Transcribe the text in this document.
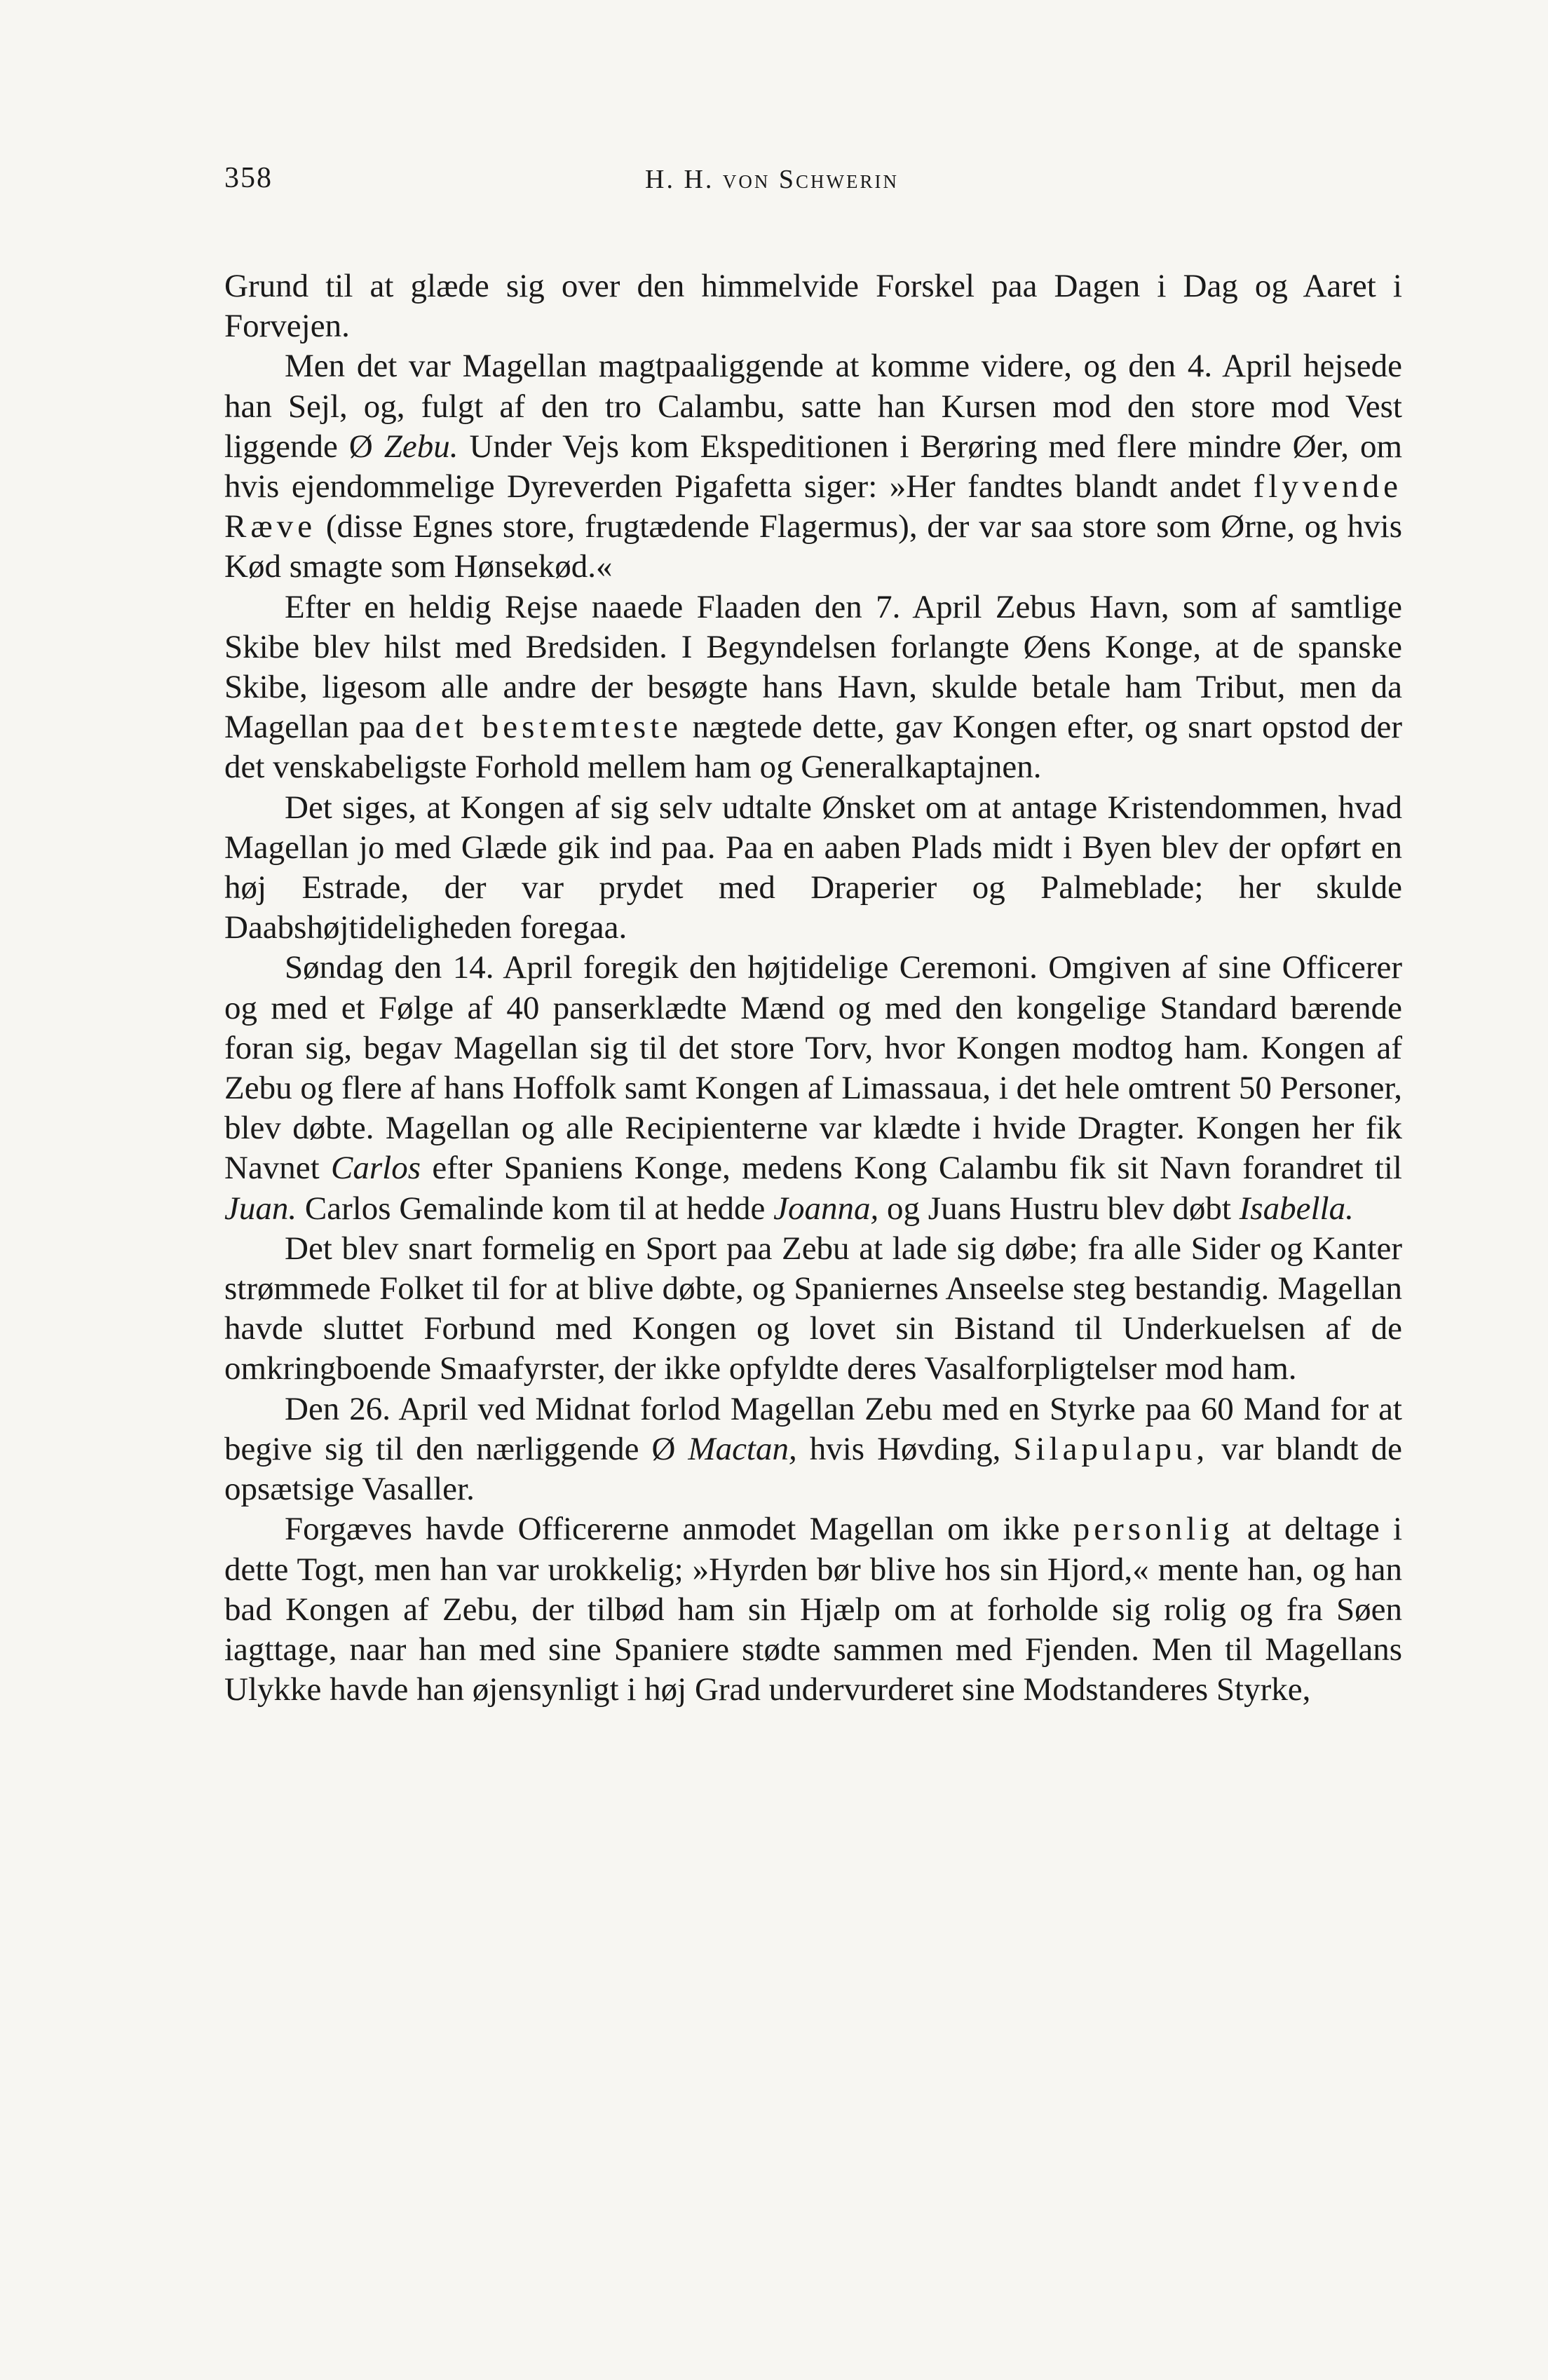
358	H. H. von Schwerin

Grund til at glæde sig over den himmelvide Forskel paa Dagen i Dag og Aaret i Forvejen.

Men det var Magellan magtpaaliggende at komme videre, og den 4. April hejsede han Sejl, og, fulgt af den tro Calambu, satte han Kursen mod den store mod Vest liggende Ø Zebu. Under Vejs kom Ekspeditionen i Berøring med flere mindre Øer, om hvis ejendommelige Dyreverden Pigafetta siger: »Her fandtes blandt andet flyvende Ræve (disse Egnes store, frugtædende Flagermus), der var saa store som Ørne, og hvis Kød smagte som Hønsekød.«

Efter en heldig Rejse naaede Flaaden den 7. April Zebus Havn, som af samtlige Skibe blev hilst med Bredsiden. I Begyndelsen forlangte Øens Konge, at de spanske Skibe, ligesom alle andre der besøgte hans Havn, skulde betale ham Tribut, men da Magellan paa det bestemteste nægtede dette, gav Kongen efter, og snart opstod der det venskabeligste Forhold mellem ham og Generalkaptajnen.

Det siges, at Kongen af sig selv udtalte Ønsket om at antage Kristendommen, hvad Magellan jo med Glæde gik ind paa. Paa en aaben Plads midt i Byen blev der opført en høj Estrade, der var prydet med Draperier og Palmeblade; her skulde Daabshøjtideligheden foregaa.

Søndag den 14. April foregik den højtidelige Ceremoni. Omgiven af sine Officerer og med et Følge af 40 panserklædte Mænd og med den kongelige Standard bærende foran sig, begav Magellan sig til det store Torv, hvor Kongen modtog ham. Kongen af Zebu og flere af hans Hoffolk samt Kongen af Limassaua, i det hele omtrent 50 Personer, blev døbte. Magellan og alle Recipienterne var klædte i hvide Dragter. Kongen her fik Navnet Carlos efter Spaniens Konge, medens Kong Calambu fik sit Navn forandret til Juan. Carlos Gemalinde kom til at hedde Joanna, og Juans Hustru blev døbt Isabella.

Det blev snart formelig en Sport paa Zebu at lade sig døbe; fra alle Sider og Kanter strømmede Folket til for at blive døbte, og Spaniernes Anseelse steg bestandig. Magellan havde sluttet Forbund med Kongen og lovet sin Bistand til Underkuelsen af de omkringboende Smaafyrster, der ikke opfyldte deres Vasalforpligtelser mod ham.

Den 26. April ved Midnat forlod Magellan Zebu med en Styrke paa 60 Mand for at begive sig til den nærliggende Ø Mactan, hvis Høvding, Silapulapu, var blandt de opsætsige Vasaller.

Forgæves havde Officererne anmodet Magellan om ikke personlig at deltage i dette Togt, men han var urokkelig; »Hyrden bør blive hos sin Hjord,« mente han, og han bad Kongen af Zebu, der tilbød ham sin Hjælp om at forholde sig rolig og fra Søen iagttage, naar han med sine Spaniere stødte sammen med Fjenden. Men til Magellans Ulykke havde han øjensynligt i høj Grad undervurderet sine Modstanderes Styrke,
